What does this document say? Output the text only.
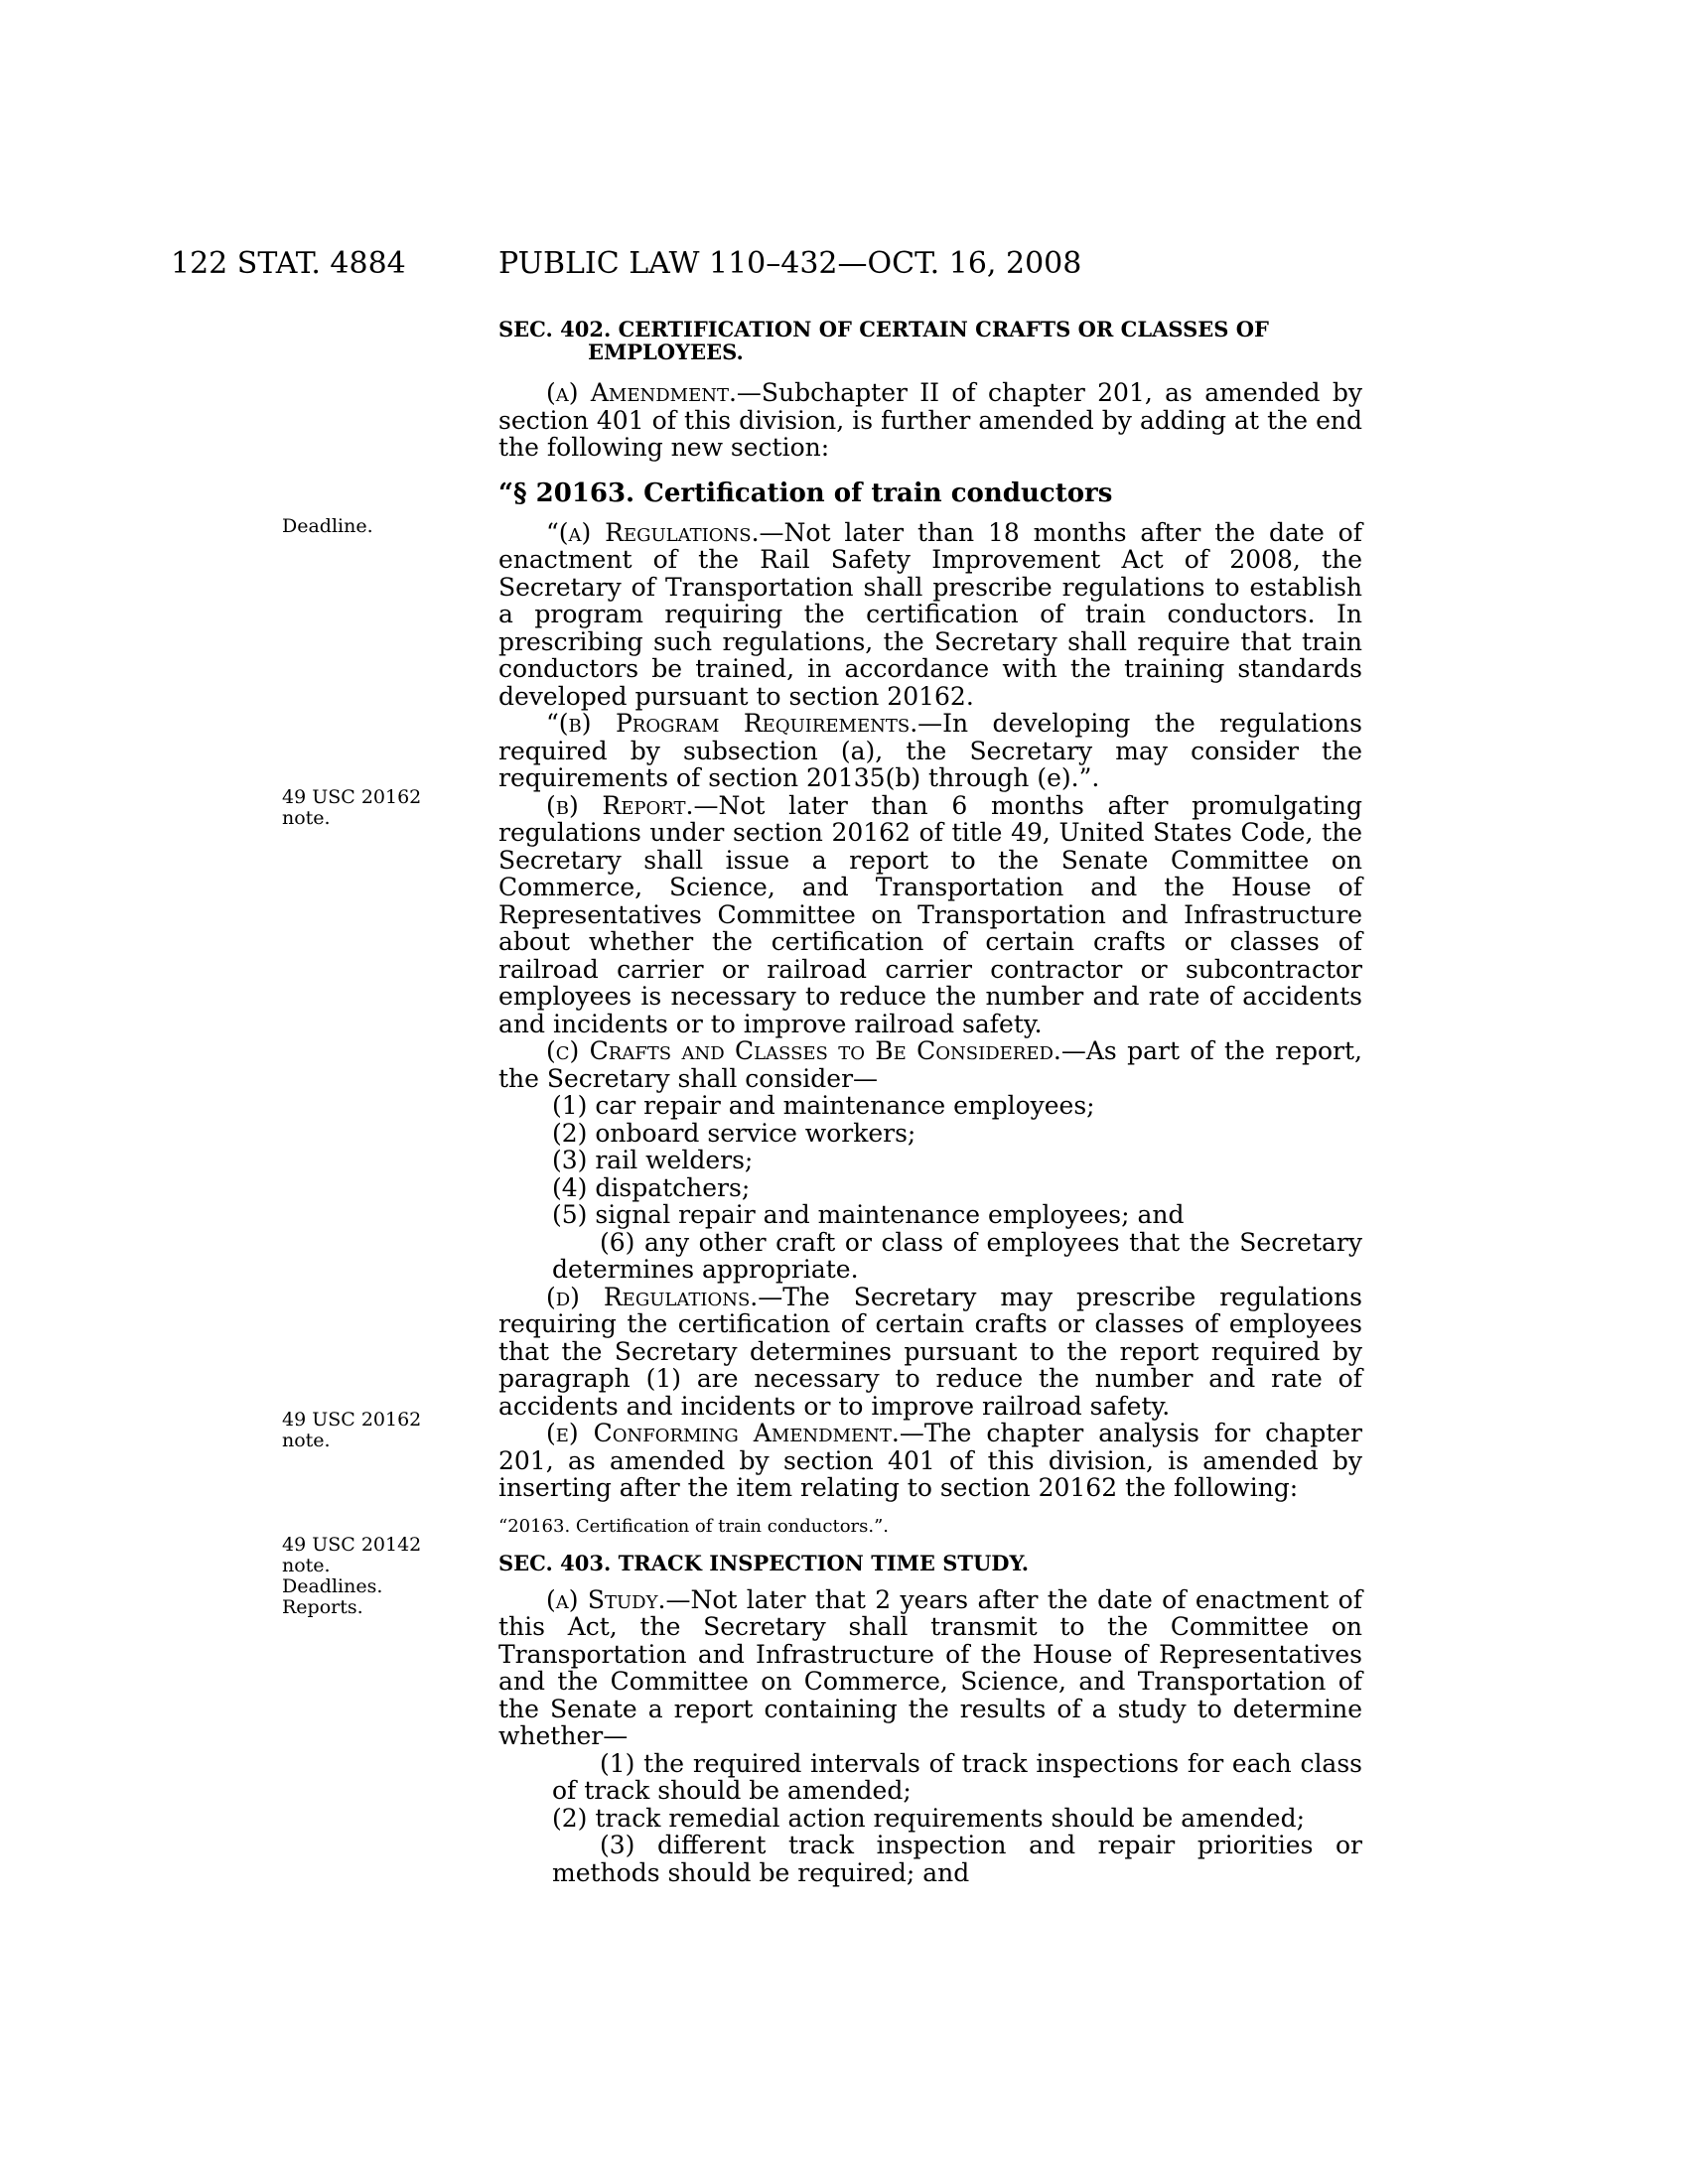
122 STAT. 4884	PUBLIC LAW 110–432—OCT. 16, 2008
Deadline.
49 USC 20162
note.
49 USC 20162
note.
49 USC 20142
note.
Deadlines.
Reports.
SEC. 402. CERTIFICATION OF CERTAIN CRAFTS OR CLASSES OF
EMPLOYEES.

(a) Amendment.—Subchapter II of chapter 201, as amended by section 401 of this division, is further amended by adding at the end the following new section:

“§ 20163. Certification of train conductors

“(a) Regulations.—Not later than 18 months after the date of enactment of the Rail Safety Improvement Act of 2008, the Secretary of Transportation shall prescribe regulations to establish a program requiring the certification of train conductors. In prescribing such regulations, the Secretary shall require that train conductors be trained, in accordance with the training standards developed pursuant to section 20162.

“(b) Program Requirements.—In developing the regulations required by subsection (a), the Secretary may consider the requirements of section 20135(b) through (e).”.

(b) Report.—Not later than 6 months after promulgating regulations under section 20162 of title 49, United States Code, the Secretary shall issue a report to the Senate Committee on Commerce, Science, and Transportation and the House of Representatives Committee on Transportation and Infrastructure about whether the certification of certain crafts or classes of railroad carrier or railroad carrier contractor or subcontractor employees is necessary to reduce the number and rate of accidents and incidents or to improve railroad safety.

(c) Crafts and Classes to Be Considered.—As part of the report, the Secretary shall consider—

(1) car repair and maintenance employees;

(2) onboard service workers;

(3) rail welders;

(4) dispatchers;

(5) signal repair and maintenance employees; and

(6) any other craft or class of employees that the Secretary determines appropriate.

(d) Regulations.—The Secretary may prescribe regulations requiring the certification of certain crafts or classes of employees that the Secretary determines pursuant to the report required by paragraph (1) are necessary to reduce the number and rate of accidents and incidents or to improve railroad safety.

(e) Conforming Amendment.—The chapter analysis for chapter 201, as amended by section 401 of this division, is amended by inserting after the item relating to section 20162 the following:

“20163. Certification of train conductors.”.
SEC. 403. TRACK INSPECTION TIME STUDY.

(a) Study.—Not later that 2 years after the date of enactment of this Act, the Secretary shall transmit to the Committee on Transportation and Infrastructure of the House of Representatives and the Committee on Commerce, Science, and Transportation of the Senate a report containing the results of a study to determine whether—

(1) the required intervals of track inspections for each class of track should be amended;

(2) track remedial action requirements should be amended;

(3) different track inspection and repair priorities or methods should be required; and
